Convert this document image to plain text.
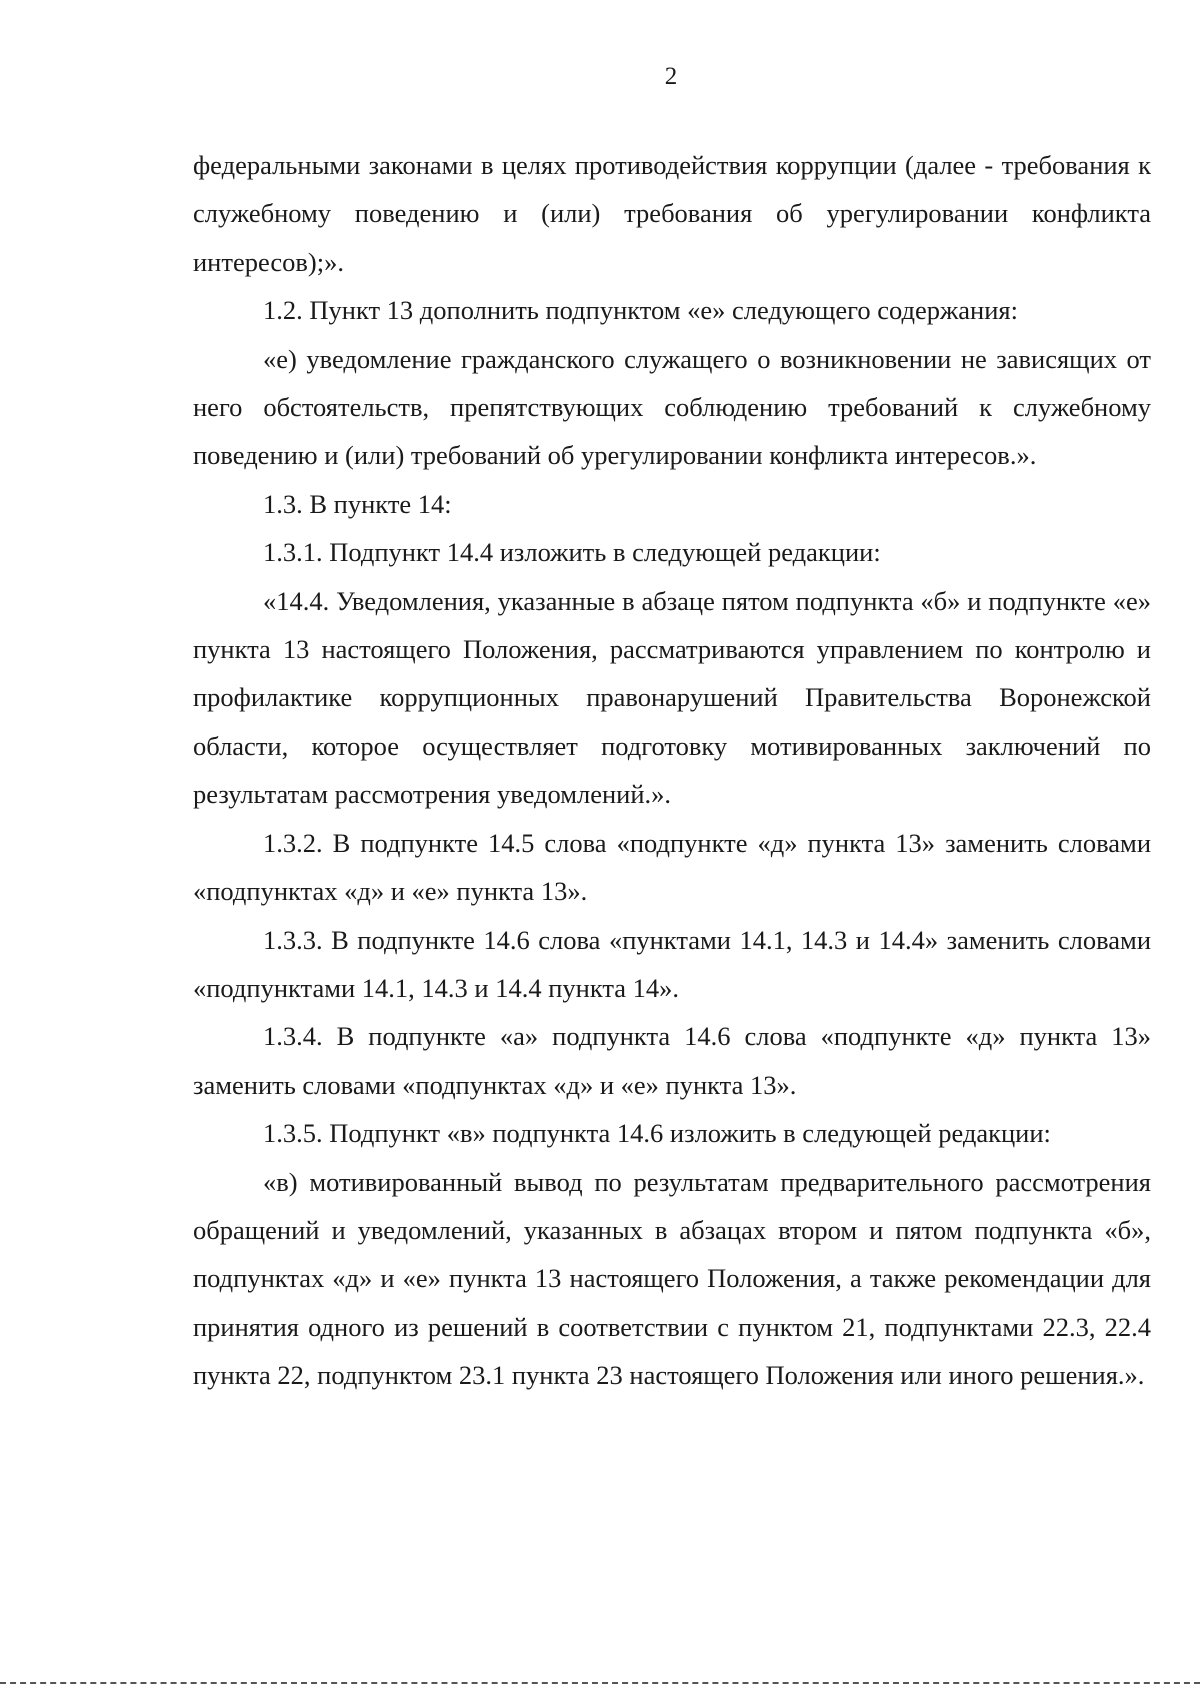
2

федеральными законами в целях противодействия коррупции (далее - требования к служебному поведению и (или) требования об урегулировании конфликта интересов);».

1.2. Пункт 13 дополнить подпунктом «е» следующего содержания:

«е) уведомление гражданского служащего о возникновении не зависящих от него обстоятельств, препятствующих соблюдению требований к служебному поведению и (или) требований об урегулировании конфликта интересов.».

1.3. В пункте 14:

1.3.1. Подпункт 14.4 изложить в следующей редакции:

«14.4. Уведомления, указанные в абзаце пятом подпункта «б» и подпункте «е» пункта 13 настоящего Положения, рассматриваются управлением по контролю и профилактике коррупционных правонарушений Правительства Воронежской области, которое осуществляет подготовку мотивированных заключений по результатам рассмотрения уведомлений.».

1.3.2. В подпункте 14.5 слова «подпункте «д» пункта 13» заменить словами «подпунктах «д» и «е» пункта 13».

1.3.3. В подпункте 14.6 слова «пунктами 14.1, 14.3 и 14.4» заменить словами «подпунктами 14.1, 14.3 и 14.4 пункта 14».

1.3.4. В подпункте «а» подпункта 14.6 слова «подпункте «д» пункта 13» заменить словами «подпунктах «д» и «е» пункта 13».

1.3.5. Подпункт «в» подпункта 14.6 изложить в следующей редакции:

«в) мотивированный вывод по результатам предварительного рассмотрения обращений и уведомлений, указанных в абзацах втором и пятом подпункта «б», подпунктах «д» и «е» пункта 13 настоящего Положения, а также рекомендации для принятия одного из решений в соответствии с пунктом 21, подпунктами 22.3, 22.4 пункта 22, подпунктом 23.1 пункта 23 настоящего Положения или иного решения.».
